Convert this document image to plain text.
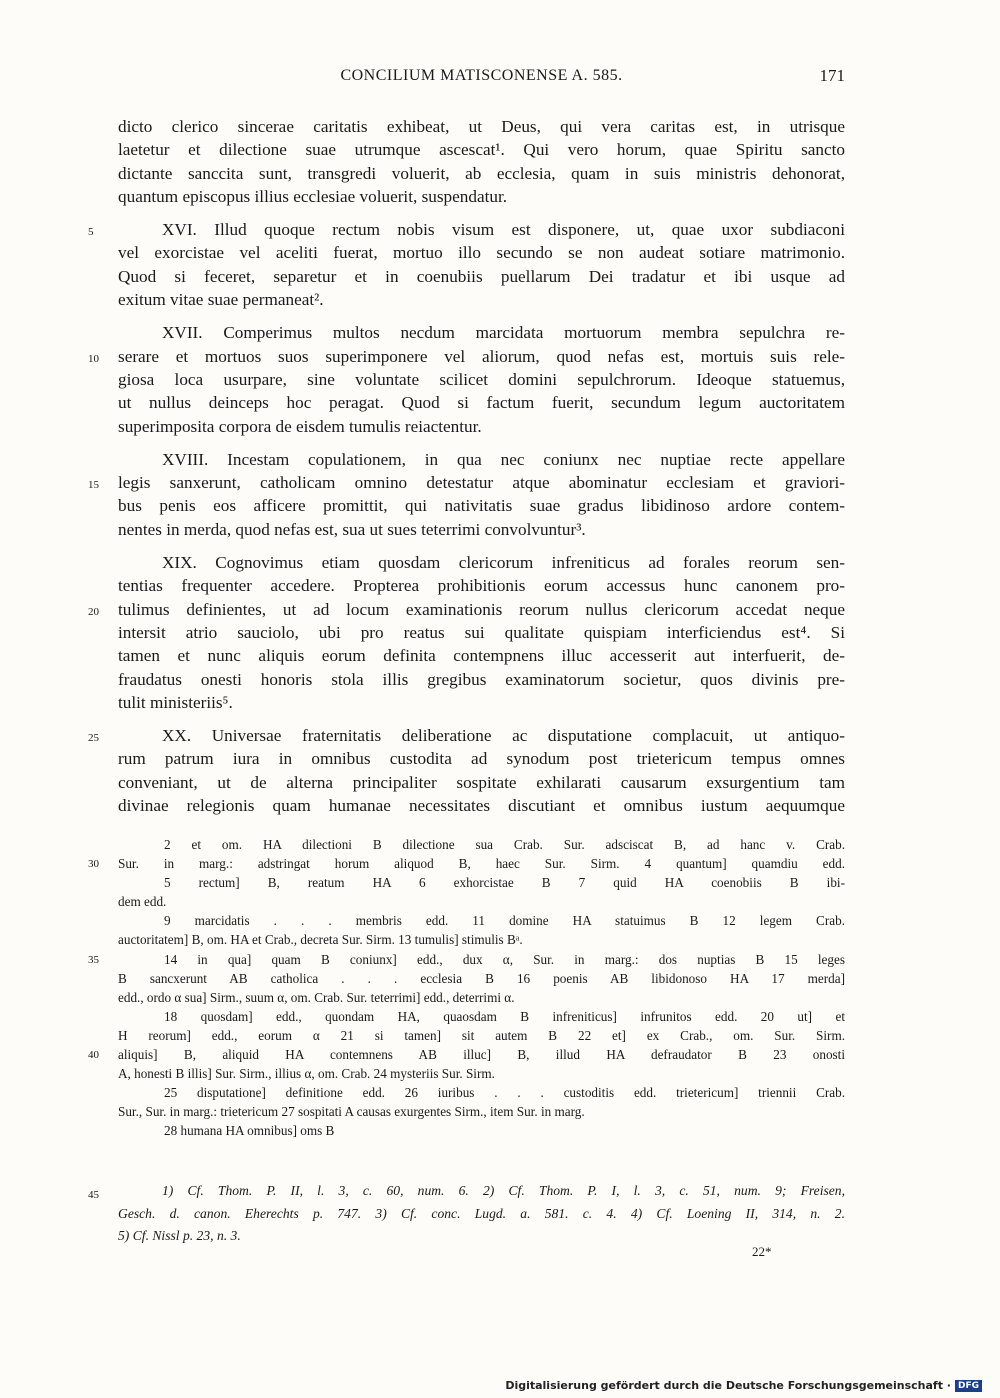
CONCILIUM MATISCONENSE A. 585.	171
dicto clerico sincerae caritatis exhibeat, ut Deus, qui vera caritas est, in utrisque
laetetur et dilectione suae utrumque ascescat¹. Qui vero horum, quae Spiritu sancto
dictante sanccita sunt, transgredi voluerit, ab ecclesia, quam in suis ministris dehonorat,
quantum episcopus illius ecclesiae voluerit, suspendatur.
5	XVI. Illud quoque rectum nobis visum est disponere, ut, quae uxor subdiaconi
vel exorcistae vel aceliti fuerat, mortuo illo secundo se non audeat sotiare matrimonio.
Quod si feceret, separetur et in coenubiis puellarum Dei tradatur et ibi usque ad
exitum vitae suae permaneat².
XVII. Comperimus multos necdum marcidata mortuorum membra sepulchra re-
10	serare et mortuos suos superimponere vel aliorum, quod nefas est, mortuis suis rele-
giosa loca usurpare, sine voluntate scilicet domini sepulchrorum. Ideoque statuemus,
ut nullus deinceps hoc peragat. Quod si factum fuerit, secundum legum auctoritatem
superimposita corpora de eisdem tumulis reiactentur.
XVIII. Incestam copulationem, in qua nec coniunx nec nuptiae recte appellare
15	legis sanxerunt, catholicam omnino detestatur atque abominatur ecclesiam et graviori-
bus penis eos afficere promittit, qui nativitatis suae gradus libidinoso ardore contem-
nentes in merda, quod nefas est, sua ut sues teterrimi convolvuntur³.
XIX. Cognovimus etiam quosdam clericorum infreniticus ad forales reorum sen-
tentias frequenter accedere. Propterea prohibitionis eorum accessus hunc canonem pro-
20	tulimus definientes, ut ad locum examinationis reorum nullus clericorum accedat neque
intersit atrio sauciolo, ubi pro reatus sui qualitate quispiam interficiendus est⁴. Si
tamen et nunc aliquis eorum definita contempnens illuc accesserit aut interfuerit, de-
fraudatus onesti honoris stola illis gregibus examinatorum societur, quos divinis pre-
tulit ministeriis⁵.
25	XX. Universae fraternitatis deliberatione ac disputatione complacuit, ut antiquo-
rum patrum iura in omnibus custodita ad synodum post trietericum tempus omnes
conveniant, ut de alterna principaliter sospitate exhilarati causarum exsurgentium tam
divinae relegionis quam humanae necessitates discutiant et omnibus iustum aequumque
2 et om. HA dilectioni B dilectione sua Crab. Sur. adsciscat B, ad hanc v. Crab.
30	Sur. in marg.: adstringat horum aliquod B, haec Sur. Sirm. 4 quantum] quamdiu edd.
5 rectum] B, reatum HA 6 exhorcistae B 7 quid HA coenobiis B ibi-
dem edd.
9 marcidatis . . . membris edd. 11 domine HA statuimus B 12 legem Crab.
auctoritatem] B, om. HA et Crab., decreta Sur. Sirm. 13 tumulis] stimulis Bᵃ.
35	14 in qua] quam B coniunx] edd., dux α, Sur. in marg.: dos nuptias B 15 leges
B sancxerunt AB catholica . . . ecclesia B 16 poenis AB libidonoso HA 17 merda]
edd., ordo α sua] Sirm., suum α, om. Crab. Sur. teterrimi] edd., deterrimi α.
18 quosdam] edd., quondam HA, quaosdam B infreniticus] infrunitos edd. 20 ut] et
H reorum] edd., eorum α 21 si tamen] sit autem B 22 et] ex Crab., om. Sur. Sirm.
40	aliquis] B, aliquid HA contemnens AB illuc] B, illud HA defraudator B 23 onosti
A, honesti B illis] Sur. Sirm., illius α, om. Crab. 24 mysteriis Sur. Sirm.
25 disputatione] definitione edd. 26 iuribus . . . custoditis edd. trietericum] triennii Crab.
Sur., Sur. in marg.: trietericum 27 sospitati A causas exurgentes Sirm., item Sur. in marg.
28 humana HA omnibus] oms B
45	1) Cf. Thom. P. II, l. 3, c. 60, num. 6. 2) Cf. Thom. P. I, l. 3, c. 51, num. 9; Freisen,
Gesch. d. canon. Eherechts p. 747. 3) Cf. conc. Lugd. a. 581. c. 4. 4) Cf. Loening II, 314, n. 2.
5) Cf. Nissl p. 23, n. 3.
22*
Digitalisierung gefördert durch die Deutsche Forschungsgemeinschaft · DFG
